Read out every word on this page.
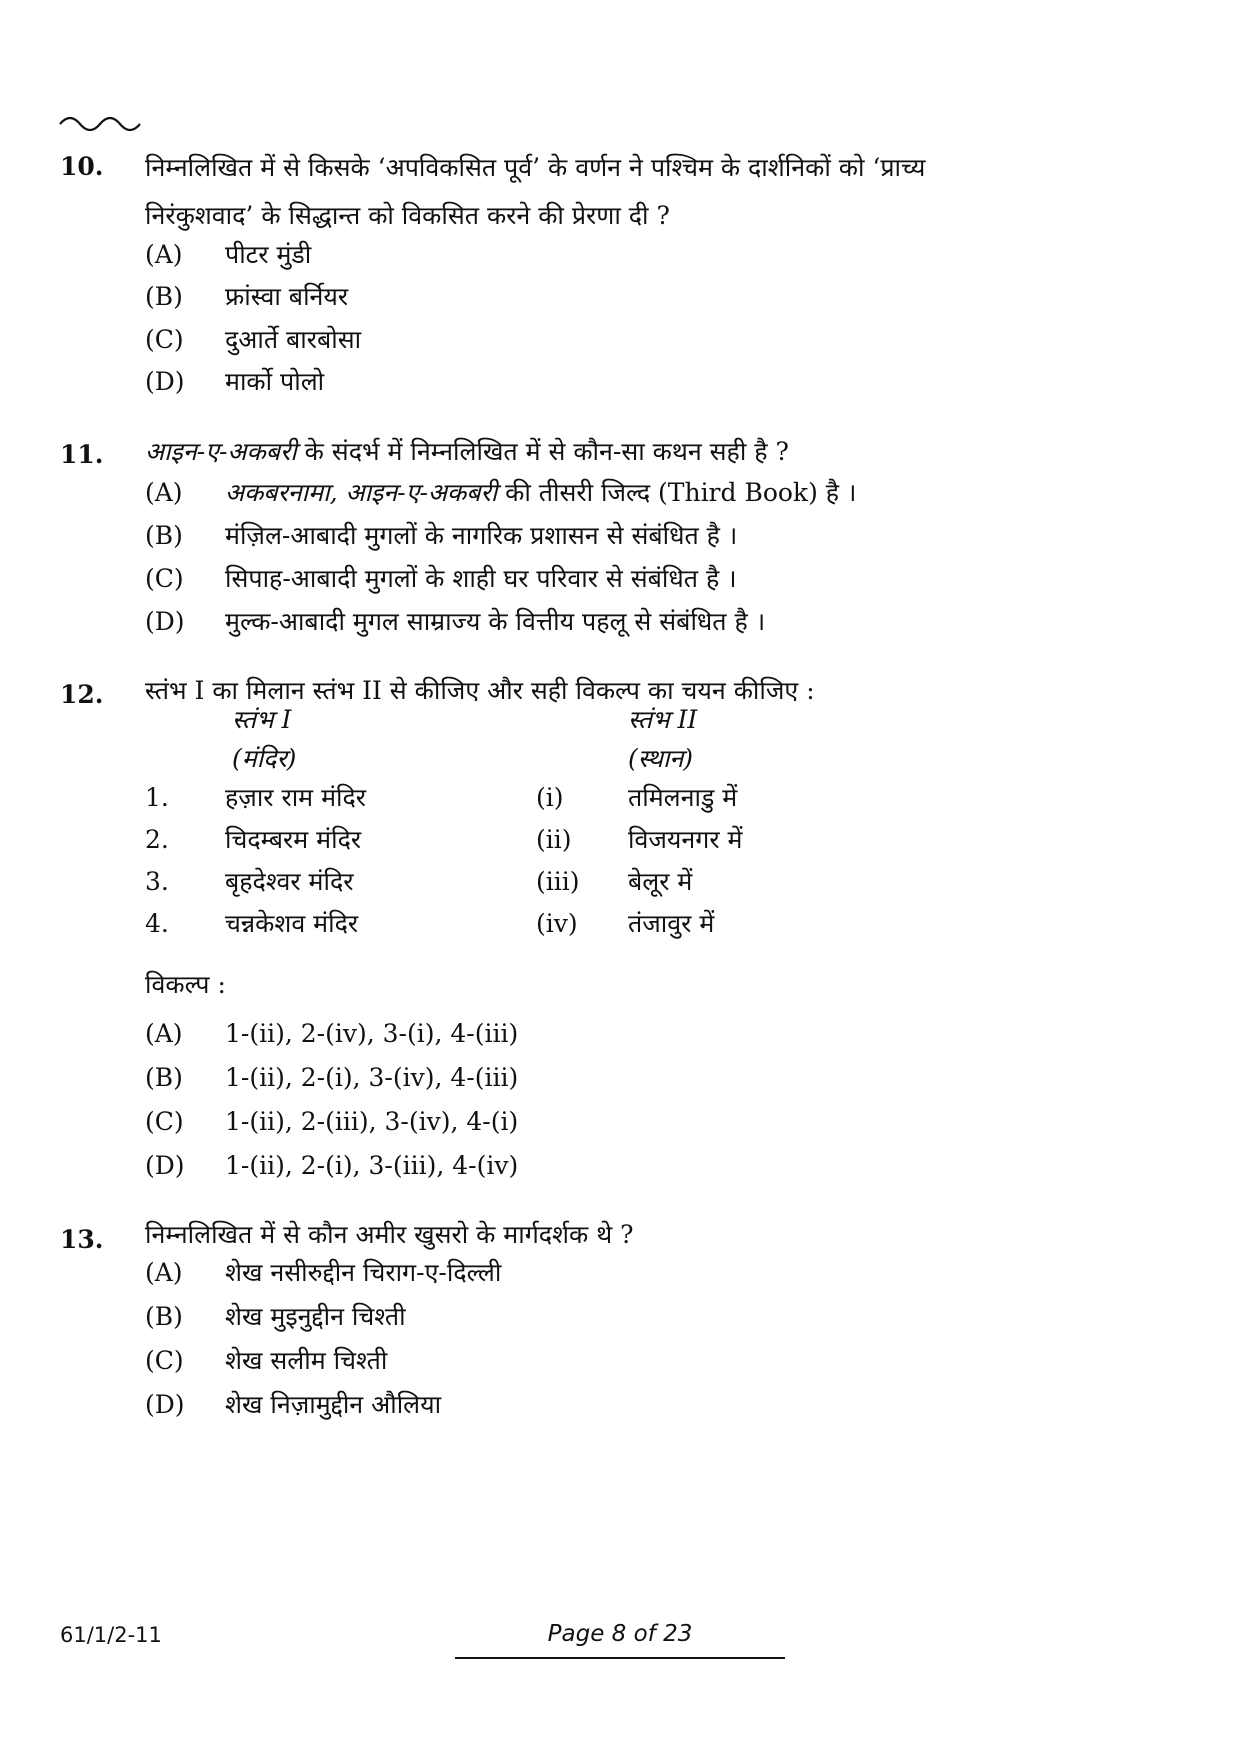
10. निम्नलिखित में से किसके ‘अपविकसित पूर्व’ के वर्णन ने पश्चिम के दार्शनिकों को ‘प्राच्य
निरंकुशवाद’ के सिद्धान्त को विकसित करने की प्रेरणा दी ?
(A) पीटर मुंडी
(B) फ्रांस्वा बर्नियर
(C) दुआर्ते बारबोसा
(D) मार्को पोलो
11. आइन-ए-अकबरी के संदर्भ में निम्नलिखित में से कौन-सा कथन सही है ?
(A) अकबरनामा, आइन-ए-अकबरी की तीसरी जिल्द (Third Book) है ।
(B) मंज़िल-आबादी मुगलों के नागरिक प्रशासन से संबंधित है ।
(C) सिपाह-आबादी मुगलों के शाही घर परिवार से संबंधित है ।
(D) मुल्क-आबादी मुगल साम्राज्य के वित्तीय पहलू से संबंधित है ।
12. स्तंभ I का मिलान स्तंभ II से कीजिए और सही विकल्प का चयन कीजिए :
स्तंभ I	स्तंभ II
(मंदिर)	(स्थान)
1. हज़ार राम मंदिर	(i)	तमिलनाडु में
2. चिदम्बरम मंदिर	(ii) विजयनगर में
3. बृहदेश्वर मंदिर	(iii) बेलूर में
4. चन्नकेशव मंदिर	(iv) तंजावुर में
विकल्प :
(A) 1-(ii), 2-(iv), 3-(i), 4-(iii)
(B) 1-(ii), 2-(i), 3-(iv), 4-(iii)
(C) 1-(ii), 2-(iii), 3-(iv), 4-(i)
(D) 1-(ii), 2-(i), 3-(iii), 4-(iv)
13. निम्नलिखित में से कौन अमीर खुसरो के मार्गदर्शक थे ?
(A) शेख नसीरुद्दीन चिराग-ए-दिल्ली
(B) शेख मुइनुद्दीन चिश्ती
(C) शेख सलीम चिश्ती
(D) शेख निज़ामुद्दीन औलिया
61/1/2-11	Page 8 of 23
